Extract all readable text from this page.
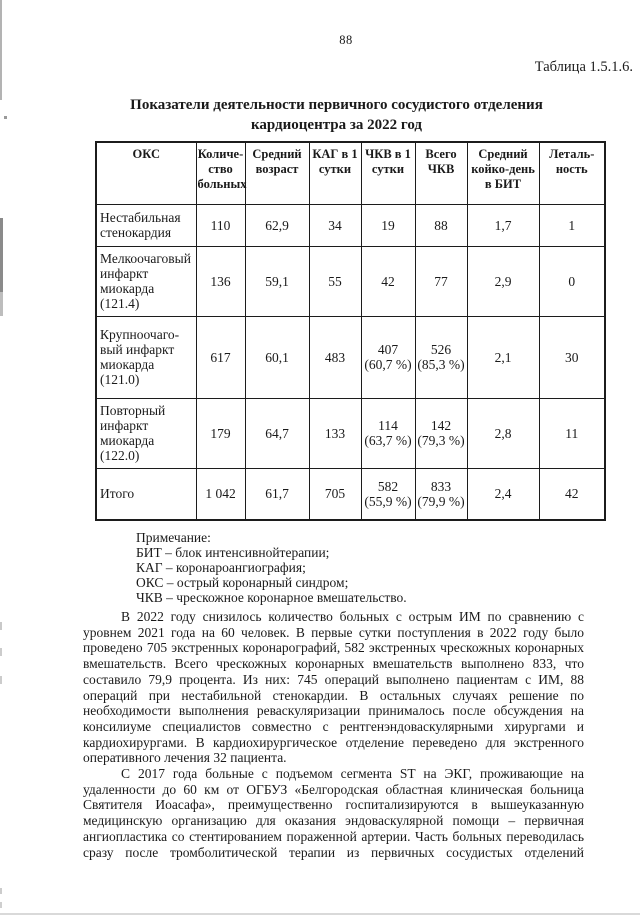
88
Таблица 1.5.1.6.
Показатели деятельности первичного сосудистого отделения
кардиоцентра за 2022 год
ОКС	Количе-ство больных	Средний возраст	КАГ в 1 сутки	ЧКВ в 1 сутки	Всего ЧКВ	Средний койко-день в БИТ	Леталь-ность
Нестабильная стенокардия	110	62,9	34	19	88	1,7	1
Мелкоочаговый инфаркт миокарда (121.4)	136	59,1	55	42	77	2,9	0
Крупноочаго-вый инфаркт миокарда (121.0)	617	60,1	483	407 (60,7 %)	526 (85,3 %)	2,1	30
Повторный инфаркт миокарда (122.0)	179	64,7	133	114 (63,7 %)	142 (79,3 %)	2,8	11
Итого	1 042	61,7	705	582 (55,9 %)	833 (79,9 %)	2,4	42
Примечание:
БИТ – блок интенсивнойтерапии;
КАГ – коронароангиография;
ОКС – острый коронарный синдром;
ЧКВ – чрескожное коронарное вмешательство.

В 2022 году снизилось количество больных с острым ИМ по сравнению с уровнем 2021 года на 60 человек. В первые сутки поступления в 2022 году было проведено 705 экстренных коронарографий, 582 экстренных чрескожных коронарных вмешательств. Всего чрескожных коронарных вмешательств выполнено 833, что составило 79,9 процента. Из них: 745 операций выполнено пациентам с ИМ, 88 операций при нестабильной стенокардии. В остальных случаях решение по необходимости выполнения реваскуляризации принималось после обсуждения на консилиуме специалистов совместно с рентгенэндоваскулярными хирургами и кардиохирургами. В кардиохирургическое отделение переведено для экстренного оперативного лечения 32 пациента.

С 2017 года больные с подъемом сегмента ST на ЭКГ, проживающие на удаленности до 60 км от ОГБУЗ «Белгородская областная клиническая больница Святителя Иоасафа», преимущественно госпитализируются в вышеуказанную медицинскую организацию для оказания эндоваскулярной помощи – первичная ангиопластика со стентированием пораженной артерии. Часть больных переводилась сразу после тромболитической терапии из первичных сосудистых отделений
